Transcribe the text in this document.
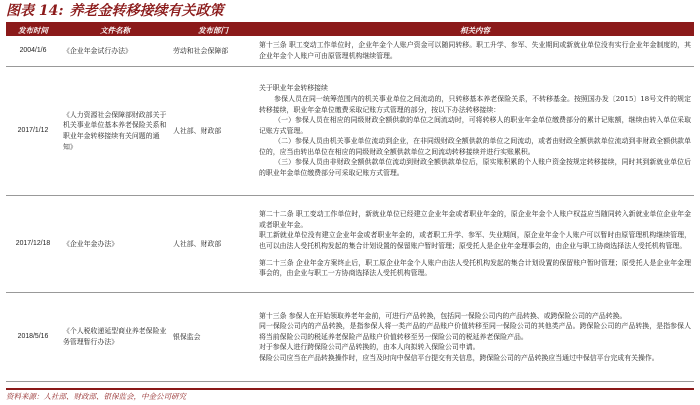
图表 14: 养老金转移接续有关政策
发布时间	文件名称	发布部门	相关内容
2004/1/6	《企业年金试行办法》	劳动和社会保障部	第十三条 职工变动工作单位时，企业年金个人账户资金可以随同转移。职工升学、参军、失业期间或新就业单位没有实行企业年金制度的，其企业年金个人账户可由原管理机构继续管理。

2017/1/12	《人力资源社会保障部财政部关于机关事业单位基本养老保险关系和职业年金转移接续有关问题的通知》	人社部、财政部	关于职业年金转移接续
参保人员在同一统筹范围内的机关事业单位之间流动的，只转移基本养老保险关系，不转移基金。按照国办发〔2015〕18号文件的规定转移接续，职业年金单位缴费采取记账方式管理的部分，按以下办法转移接续：
（一）参保人员在相应的同级财政全额供款的单位之间流动时，可将转移人的职业年金单位缴费部分的累计记账额，继续由转入单位采取记账方式管理。
（二）参保人员由机关事业单位流动到企业，在非同级财政全额供款的单位之间流动，或者由财政全额供款单位流动到非财政全额供款单位的，应当由转出单位在相应的同级财政全额供款单位之间流动转移接续并进行实账累积。
（三）参保人员由非财政全额供款单位流动到财政全额供款单位后，原实账积累的个人账户资金按规定转移接续，同时其到新就业单位后的职业年金单位缴费部分可采取记账方式管理。

2017/12/18	《企业年金办法》	人社部、财政部	第二十二条 职工变动工作单位时，新就业单位已经建立企业年金或者职业年金的，原企业年金个人账户权益应当随同转入新就业单位企业年金或者职业年金。
职工新就业单位没有建立企业年金或者职业年金的，或者职工升学、参军、失业期间，原企业年金个人账户可以暂时由原管理机构继续管理，也可以由法人受托机构发起的集合计划设置的保留账户暂时管理；原受托人是企业年金理事会的，由企业与职工协商选择法人受托机构管理。
第二十三条 企业年金方案终止后，职工原企业年金个人账户由法人受托机构发起的集合计划设置的保留账户暂时管理；原受托人是企业年金理事会的，由企业与职工一方协商选择法人受托机构管理。

2018/5/16	《个人税收递延型商业养老保险业务管理暂行办法》	银保监会	第十三条 参保人在开始领取养老年金前，可进行产品转换，包括同一保险公司内的产品转换、或跨保险公司的产品转换。
同一保险公司内的产品转换，是指参保人将一类产品的产品账户价值转移至同一保险公司的其他类产品。跨保险公司的产品转换，是指参保人将当前保险公司的税延养老保险产品账户价值转移至另一保险公司的税延养老保险产品。
对于参保人进行跨保险公司产品转换的，由本人向拟转入保险公司申请。
保险公司应当在产品转换操作时，应当及时向中保信平台提交有关信息，跨保险公司的产品转换应当通过中保信平台完成有关操作。
资料来源：人社部、财政部、银保监会，中金公司研究
